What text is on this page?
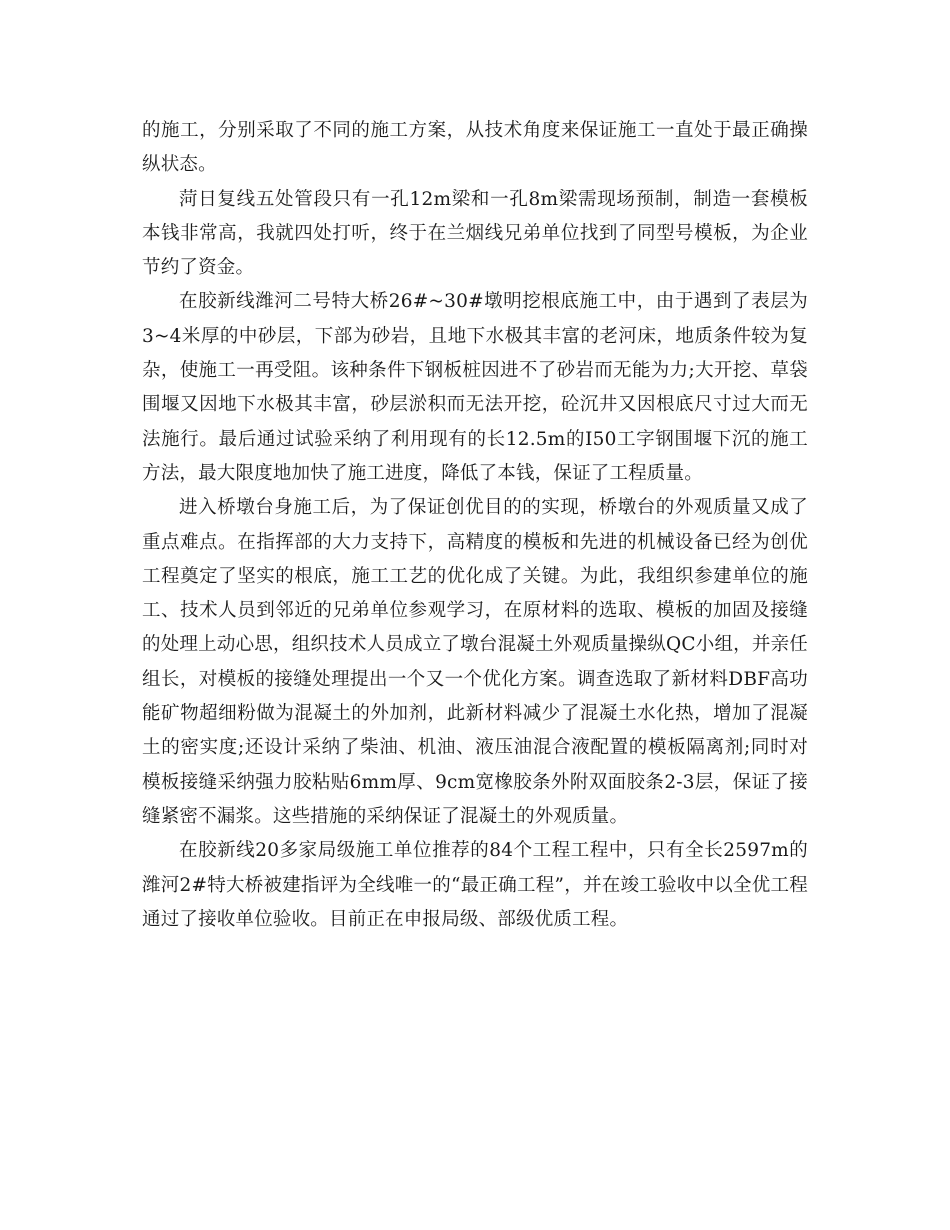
的施工，分别采取了不同的施工方案，从技术角度来保证施工一直处于最正确操纵状态。

菏日复线五处管段只有一孔12m梁和一孔8m梁需现场预制，制造一套模板本钱非常高，我就四处打听，终于在兰烟线兄弟单位找到了同型号模板，为企业节约了资金。

在胶新线潍河二号特大桥26#~30#墩明挖根底施工中，由于遇到了表层为3~4米厚的中砂层，下部为砂岩，且地下水极其丰富的老河床，地质条件较为复杂，使施工一再受阻。该种条件下钢板桩因进不了砂岩而无能为力;大开挖、草袋围堰又因地下水极其丰富，砂层淤积而无法开挖，砼沉井又因根底尺寸过大而无法施行。最后通过试验采纳了利用现有的长12.5m的I50工字钢围堰下沉的施工方法，最大限度地加快了施工进度，降低了本钱，保证了工程质量。

进入桥墩台身施工后，为了保证创优目的的实现，桥墩台的外观质量又成了重点难点。在指挥部的大力支持下，高精度的模板和先进的机械设备已经为创优工程奠定了坚实的根底，施工工艺的优化成了关键。为此，我组织参建单位的施工、技术人员到邻近的兄弟单位参观学习，在原材料的选取、模板的加固及接缝的处理上动心思，组织技术人员成立了墩台混凝土外观质量操纵QC小组，并亲任组长，对模板的接缝处理提出一个又一个优化方案。调查选取了新材料DBF高功能矿物超细粉做为混凝土的外加剂，此新材料减少了混凝土水化热，增加了混凝土的密实度;还设计采纳了柴油、机油、液压油混合液配置的模板隔离剂;同时对模板接缝采纳强力胶粘贴6mm厚、9cm宽橡胶条外附双面胶条2-3层，保证了接缝紧密不漏浆。这些措施的采纳保证了混凝土的外观质量。

在胶新线20多家局级施工单位推荐的84个工程工程中，只有全长2597m的潍河2#特大桥被建指评为全线唯一的“最正确工程”，并在竣工验收中以全优工程通过了接收单位验收。目前正在申报局级、部级优质工程。
